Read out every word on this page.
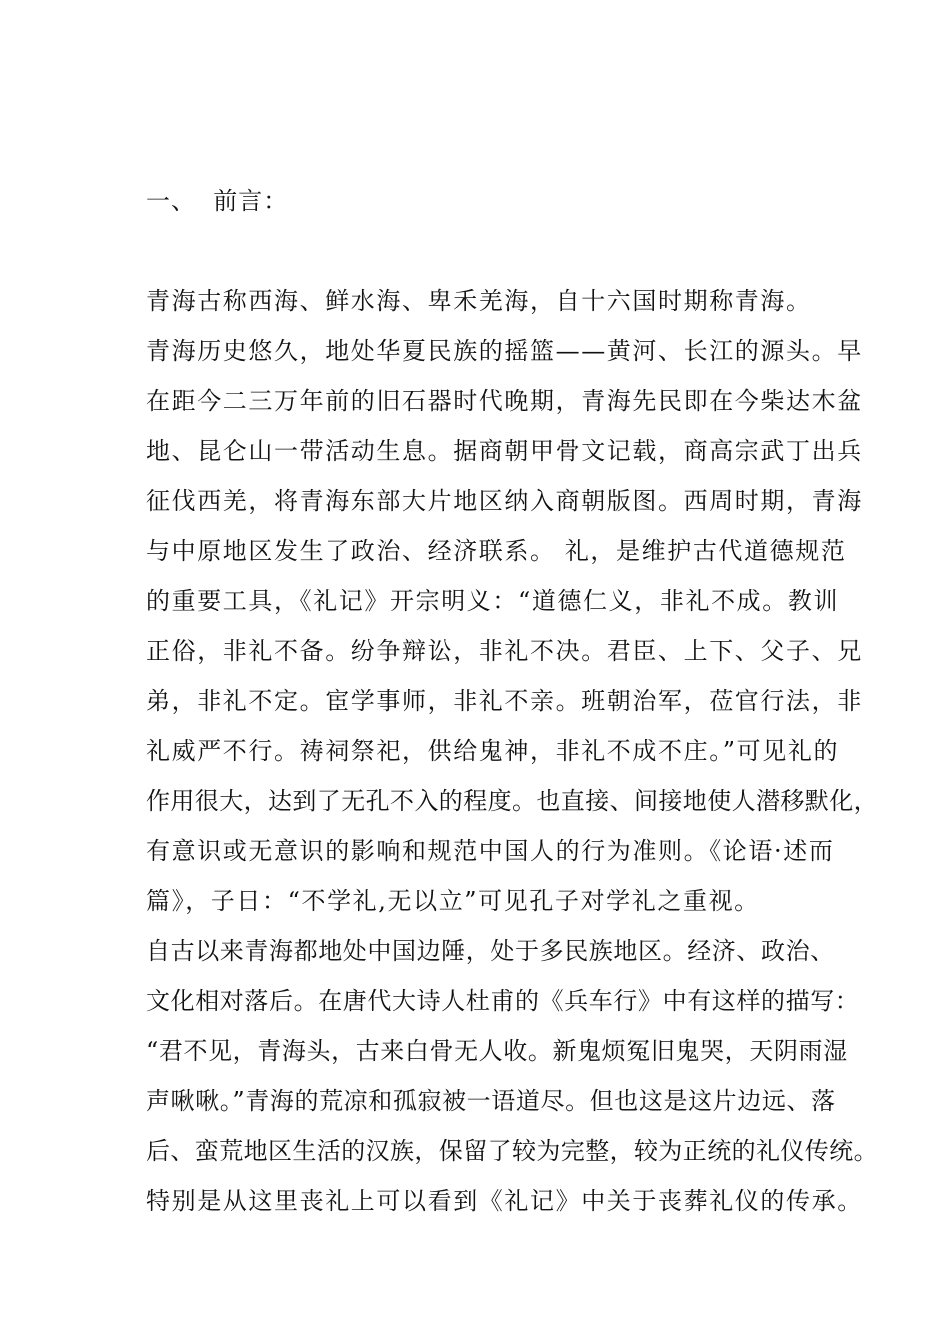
一、  前言：
青海古称西海、鲜水海、卑禾羌海，自十六国时期称青海。
青海历史悠久，地处华夏民族的摇篮——黄河、长江的源头。早
在距今二三万年前的旧石器时代晚期，青海先民即在今柴达木盆
地、昆仑山一带活动生息。据商朝甲骨文记载，商高宗武丁出兵
征伐西羌，将青海东部大片地区纳入商朝版图。西周时期，青海
与中原地区发生了政治、经济联系。 礼，是维护古代道德规范
的重要工具，《礼记》开宗明义：“道德仁义，非礼不成。教训
正俗，非礼不备。纷争辩讼，非礼不决。君臣、上下、父子、兄
弟，非礼不定。宦学事师，非礼不亲。班朝治军，莅官行法，非
礼威严不行。祷祠祭祀，供给鬼神，非礼不成不庄。”可见礼的
作用很大，达到了无孔不入的程度。也直接、间接地使人潜移默化，
有意识或无意识的影响和规范中国人的行为准则。《论语·述而
篇》，子日：“不学礼,无以立”可见孔子对学礼之重视。
自古以来青海都地处中国边陲，处于多民族地区。经济、政治、
文化相对落后。在唐代大诗人杜甫的《兵车行》中有这样的描写：
“君不见，青海头，古来白骨无人收。新鬼烦冤旧鬼哭，天阴雨湿
声啾啾。”青海的荒凉和孤寂被一语道尽。但也这是这片边远、落
后、蛮荒地区生活的汉族，保留了较为完整，较为正统的礼仪传统。
特别是从这里丧礼上可以看到《礼记》中关于丧葬礼仪的传承。
